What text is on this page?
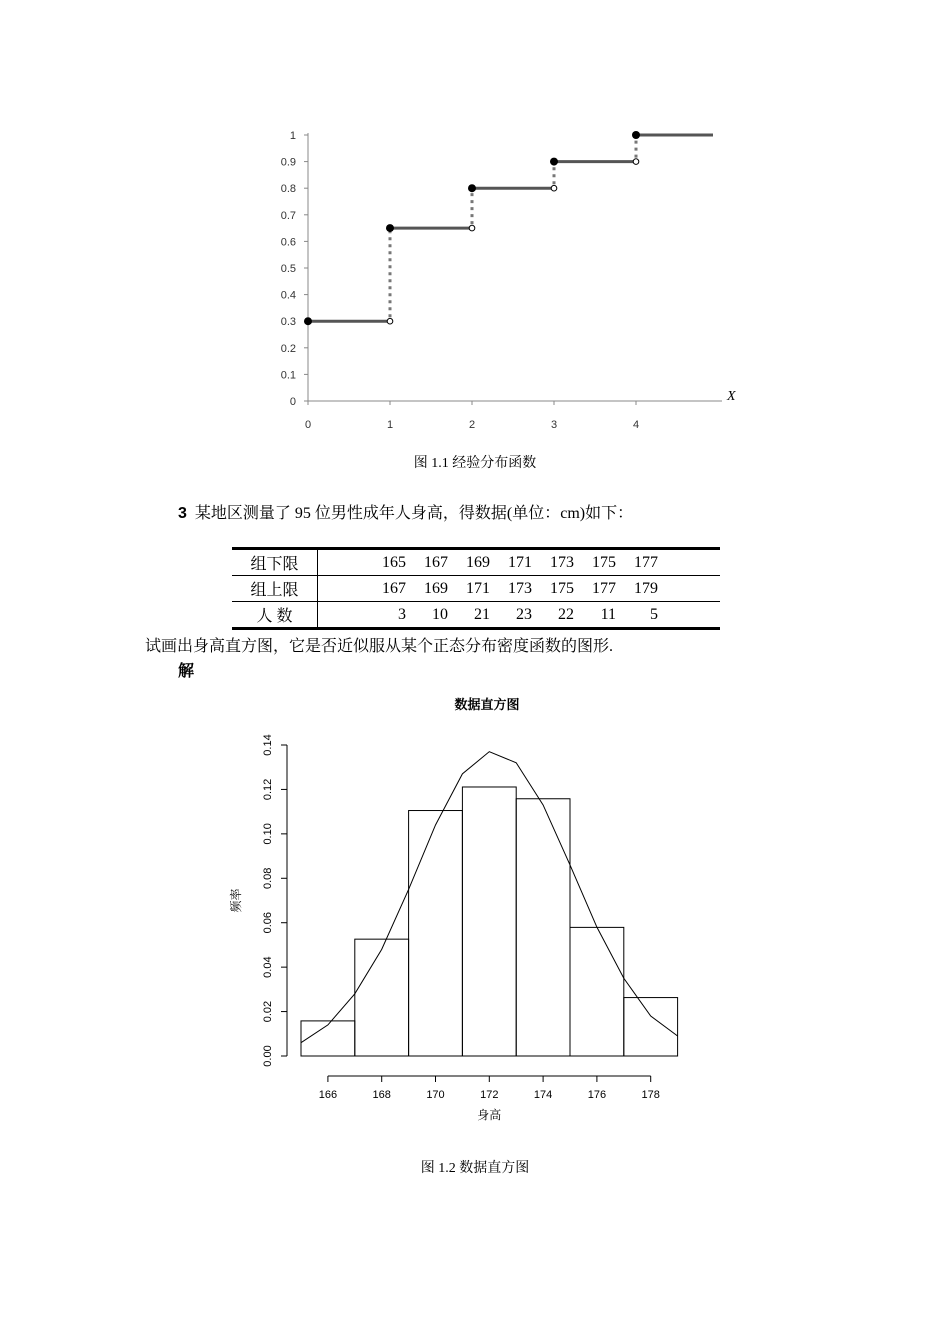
0
0.1
0.2
0.3
0.4
0.5
0.6
0.7
0.8
0.9
1
0	1	2	3	4
X
图 1.1 经验分布函数
3 某地区测量了 95 位男性成年人身高，得数据(单位：cm)如下：
组下限	165	167	169	171	173	175	177	
组上限	167	169	171	173	175	177	179	
人 数	3	10	21	23	22	11	5	
试画出身高直方图，它是否近似服从某个正态分布密度函数的图形.
解
数据直方图
0.00
0.02
0.04
0.06
0.08
0.10
0.12
0.14
166	168	170	172	174	176	178
身高
频率
图 1.2 数据直方图
